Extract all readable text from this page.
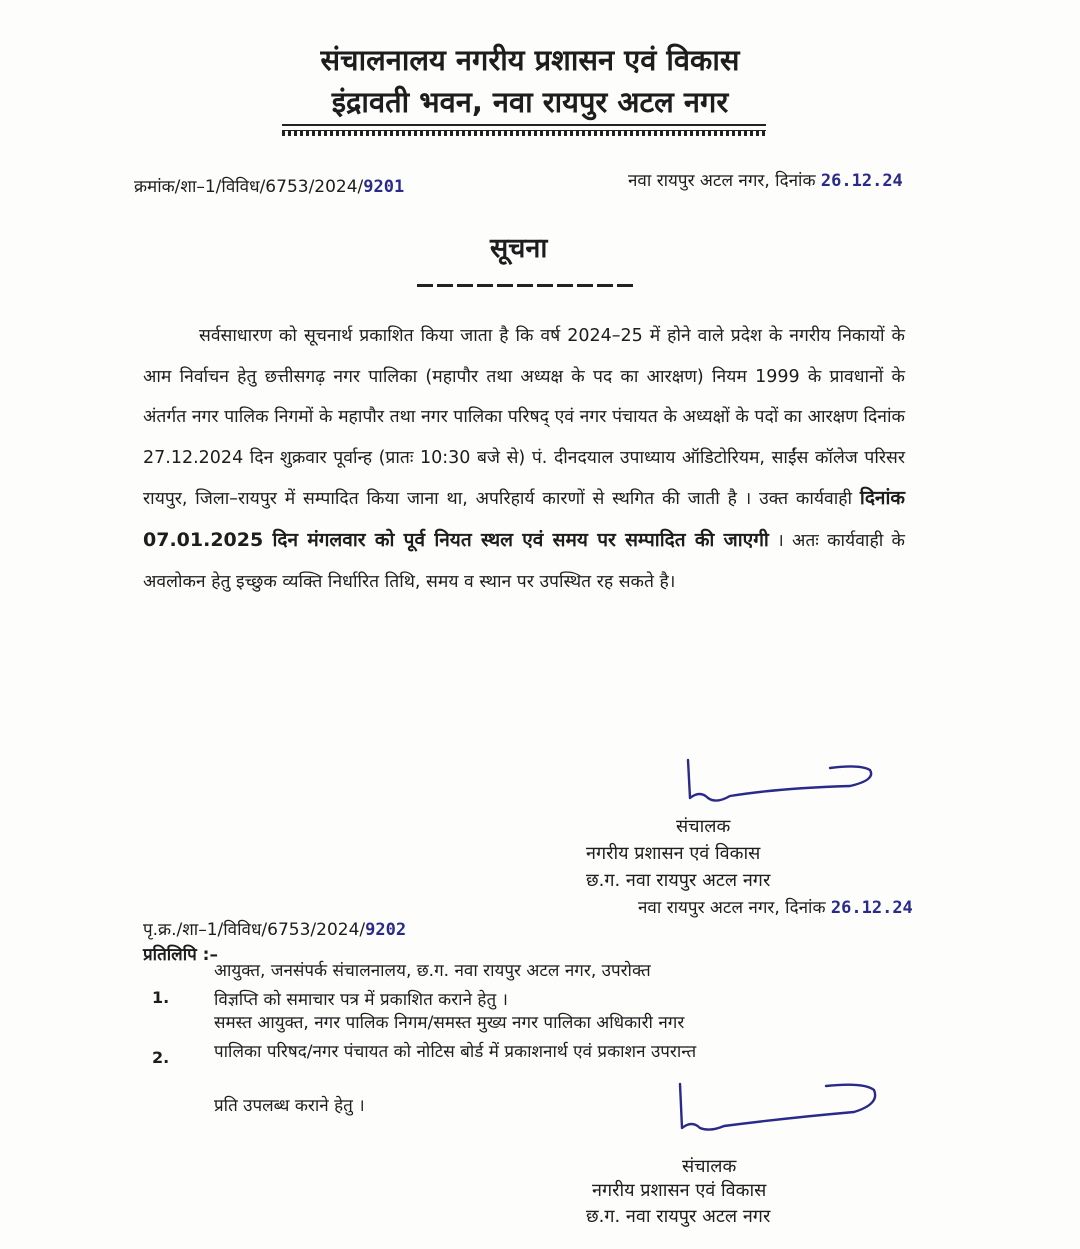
संचालनालय नगरीय प्रशासन एवं विकास
इंद्रावती भवन, नवा रायपुर अटल नगर
क्रमांक/शा–1/विविध/6753/2024/9201	नवा रायपुर अटल नगर, दिनांक 26.12.24
सूचना
सर्वसाधारण को सूचनार्थ प्रकाशित किया जाता है कि वर्ष 2024–25 में होने वाले प्रदेश के नगरीय निकायों के आम निर्वाचन हेतु छत्तीसगढ़ नगर पालिका (महापौर तथा अध्यक्ष के पद का आरक्षण) नियम 1999 के प्रावधानों के अंतर्गत नगर पालिक निगमों के महापौर तथा नगर पालिका परिषद् एवं नगर पंचायत के अध्यक्षों के पदों का आरक्षण दिनांक 27.12.2024 दिन शुक्रवार पूर्वान्ह (प्रातः 10:30 बजे से) पं. दीनदयाल उपाध्याय ऑडिटोरियम, साईंस कॉलेज परिसर रायपुर, जिला–रायपुर में सम्पादित किया जाना था, अपरिहार्य कारणों से स्थगित की जाती है । उक्त कार्यवाही दिनांक 07.01.2025 दिन मंगलवार को पूर्व नियत स्थल एवं समय पर सम्पादित की जाएगी । अतः कार्यवाही के अवलोकन हेतु इच्छुक व्यक्ति निर्धारित तिथि, समय व स्थान पर उपस्थित रह सकते है।
संचालक
नगरीय प्रशासन एवं विकास
छ.ग. नवा रायपुर अटल नगर
नवा रायपुर अटल नगर, दिनांक 26.12.24
पृ.क्र./शा–1/विविध/6753/2024/9202
प्रतिलिपि :–
1.
आयुक्त, जनसंपर्क संचालनालय, छ.ग. नवा रायपुर अटल नगर, उपरोक्त
विज्ञप्ति को समाचार पत्र में प्रकाशित कराने हेतु ।
2.
समस्त आयुक्त, नगर पालिक निगम/समस्त मुख्य नगर पालिका अधिकारी नगर
पालिका परिषद/नगर पंचायत को नोटिस बोर्ड में प्रकाशनार्थ एवं प्रकाशन उपरान्त
प्रति उपलब्ध कराने हेतु ।
संचालक
नगरीय प्रशासन एवं विकास
छ.ग. नवा रायपुर अटल नगर
